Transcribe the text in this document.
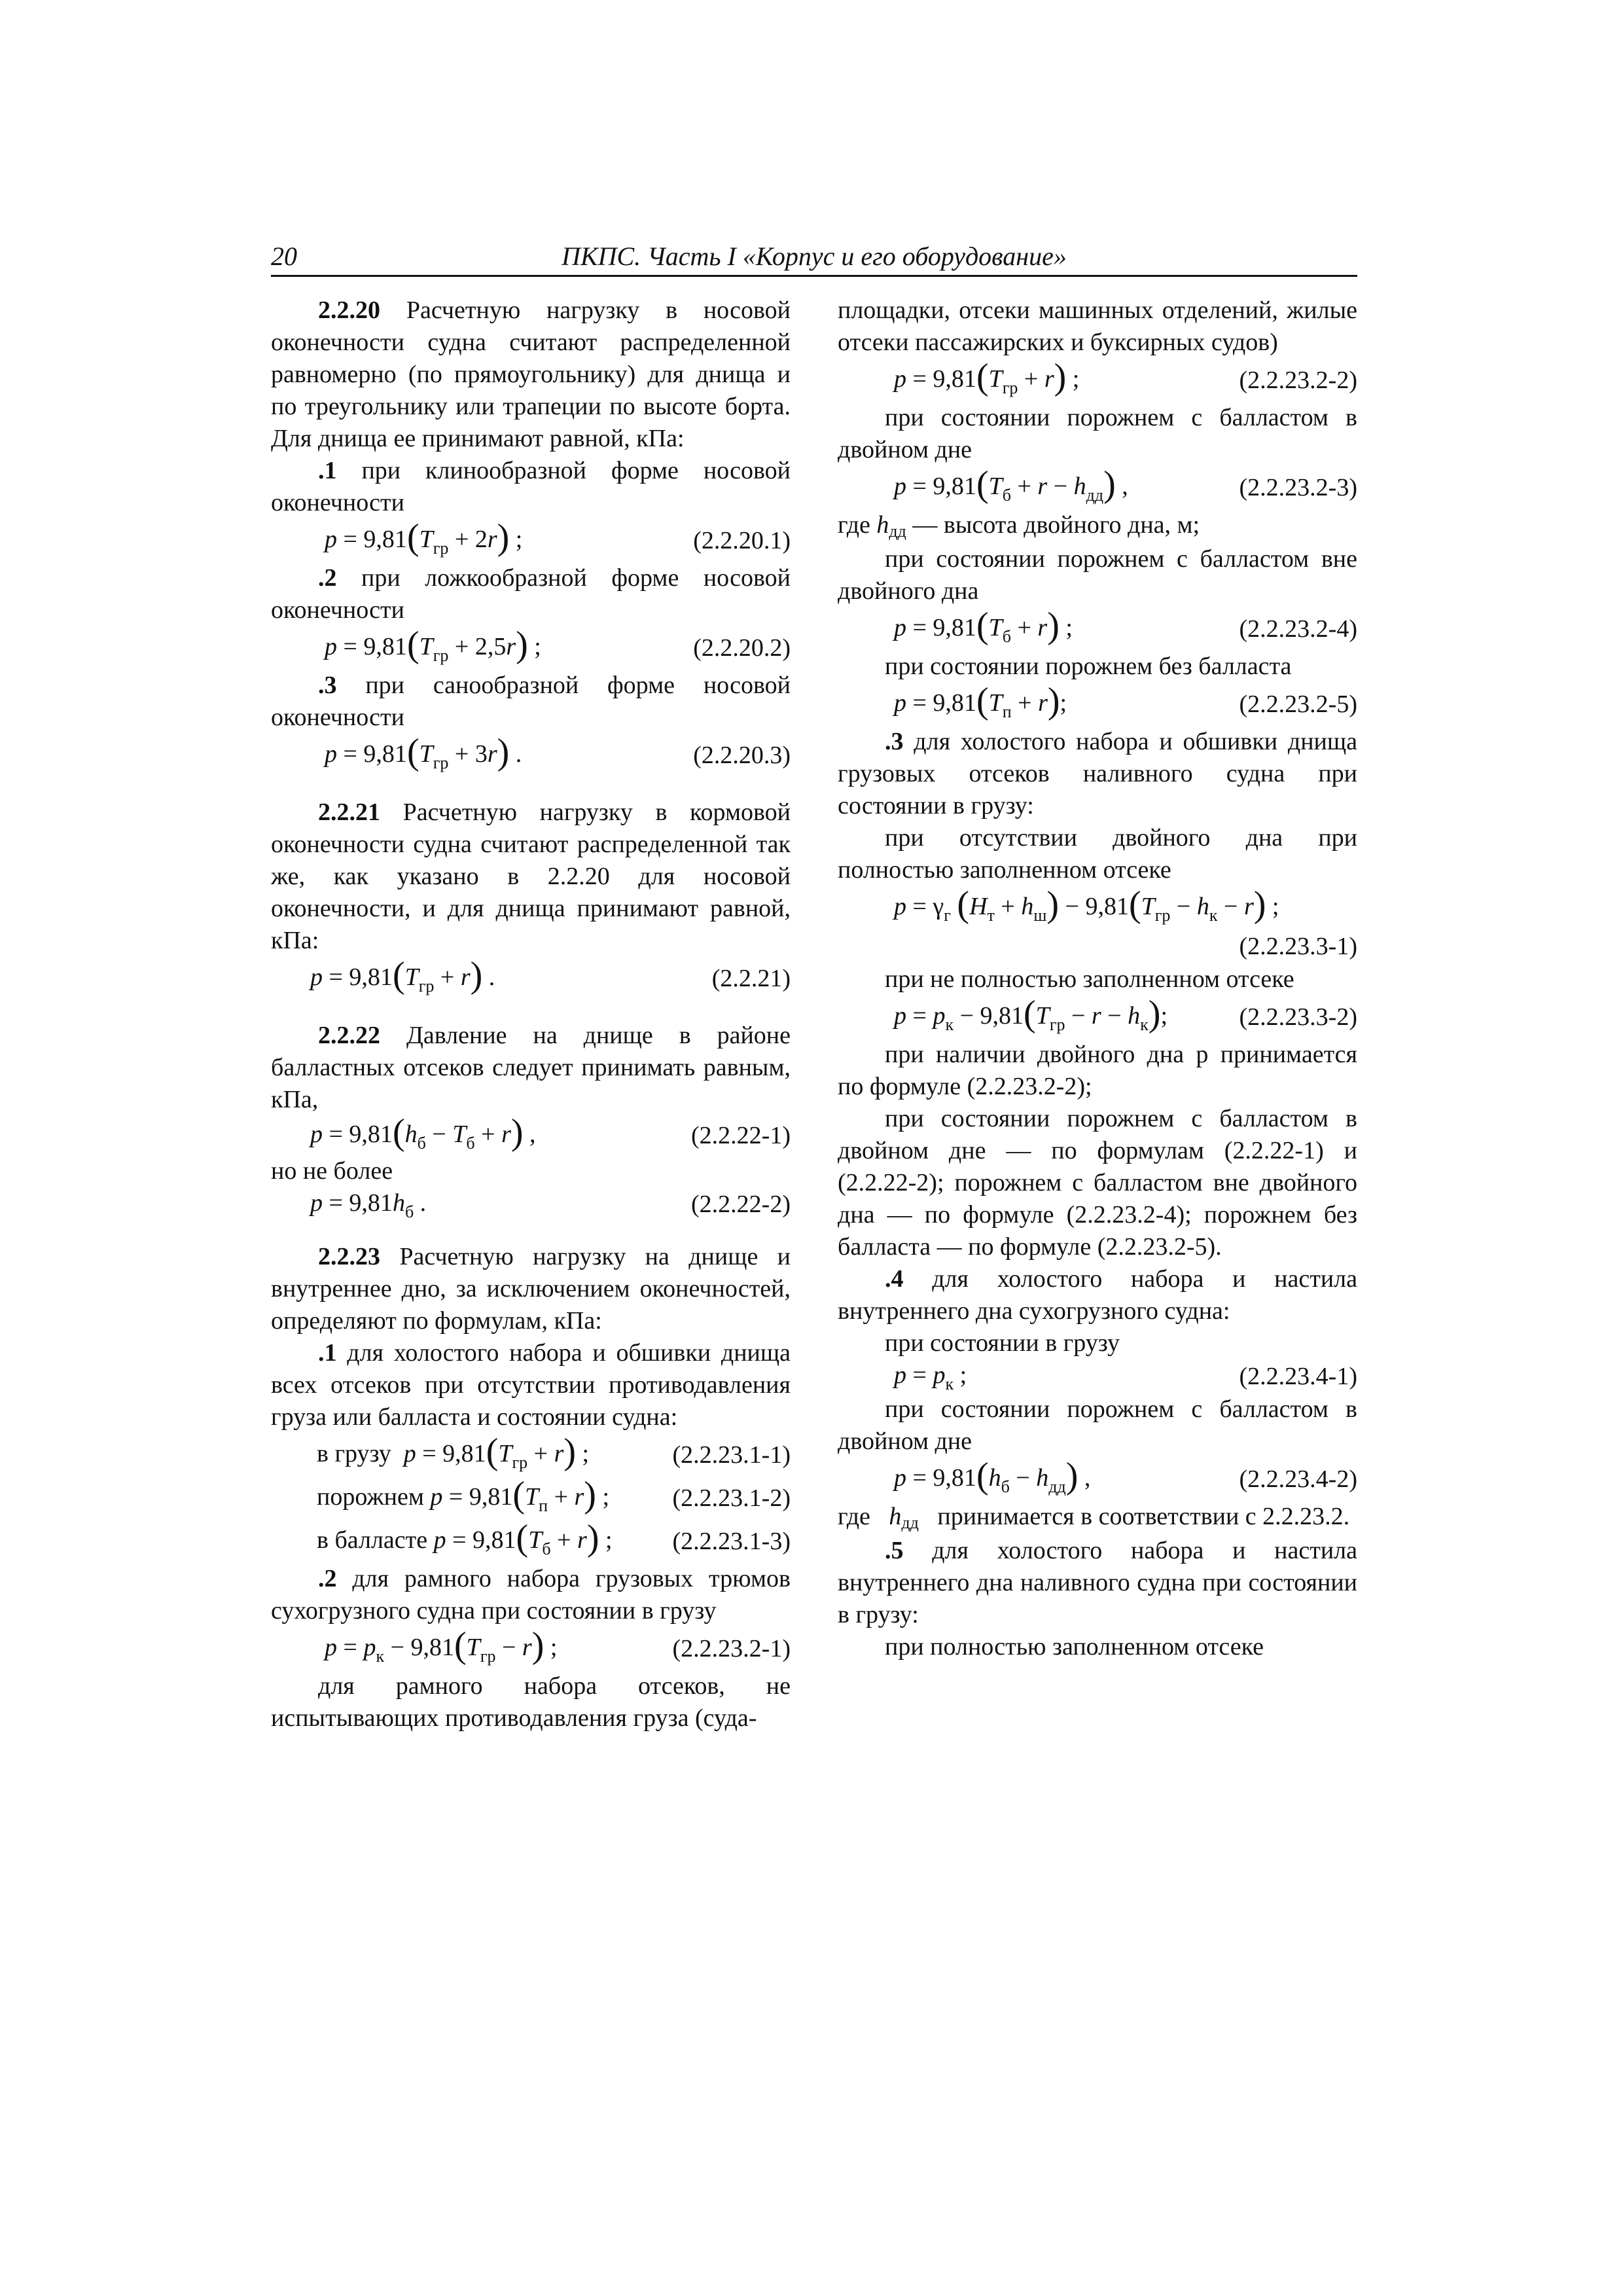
20	ПКПС. Часть I «Корпус и его оборудование»

2.2.20 Расчетную нагрузку в носовой оконечности судна считают распределенной равномерно (по прямоугольнику) для днища и по треугольнику или трапеции по высоте борта. Для днища ее принимают равной, кПа:

.1 при клинообразной форме носовой оконечности

$p = 9,81(T_{гр} + 2r)$ ;	(2.2.20.1)

.2 при ложкообразной форме носовой оконечности

$p = 9,81(T_{гр} + 2,5r)$ ;	(2.2.20.2)

.3 при санообразной форме носовой оконечности

$p = 9,81(T_{гр} + 3r)$ .	(2.2.20.3)

2.2.21 Расчетную нагрузку в кормовой оконечности судна считают распределенной так же, как указано в 2.2.20 для носовой оконечности, и для днища принимают равной, кПа:

$p = 9,81(T_{гр} + r)$ .	(2.2.21)

2.2.22 Давление на днище в районе балластных отсеков следует принимать равным, кПа,

$p = 9,81(h_б - T_б + r)$ ,	(2.2.22-1)

но не более

$p = 9,81h_б$ .	(2.2.22-2)

2.2.23 Расчетную нагрузку на днище и внутреннее дно, за исключением оконечностей, определяют по формулам, кПа:

.1 для холостого набора и обшивки днища всех отсеков при отсутствии противодавления груза или балласта и состоянии судна:

в грузу $p = 9,81(T_{гр} + r)$ ;	(2.2.23.1-1)
порожнем $p = 9,81(T_п + r)$ ;	(2.2.23.1-2)
в балласте $p = 9,81(T_б + r)$ ; (2.2.23.1-3)

.2 для рамного набора грузовых трюмов сухогрузного судна при состоянии в грузу

$p = p_к - 9,81(T_{гр} - r)$ ;	(2.2.23.2-1)

для рамного набора отсеков, не испытывающих противодавления груза (суда-

площадки, отсеки машинных отделений, жилые отсеки пассажирских и буксирных судов)

$p = 9,81(T_{гр} + r)$ ;	(2.2.23.2-2)

при состоянии порожнем с балластом в двойном дне

$p = 9,81(T_б + r - h_{дд})$ ,	(2.2.23.2-3)

где hдд — высота двойного дна, м;

при состоянии порожнем с балластом вне двойного дна

$p = 9,81(T_б + r)$ ;	(2.2.23.2-4)

при состоянии порожнем без балласта

$p = 9,81(T_п + r)$;	(2.2.23.2-5)

.3 для холостого набора и обшивки днища грузовых отсеков наливного судна при состоянии в грузу:

при отсутствии двойного дна при полностью заполненном отсеке

$p = \gamma_г$ $(H_т + h_ш) - 9,81(T_{гр} - h_к - r)$ ;
(2.2.23.3-1)

при не полностью заполненном отсеке

$p = p_к - 9,81(T_{гр} - r - h_к)$;	(2.2.23.3-2)

при наличии двойного дна p принимается по формуле (2.2.23.2-2);

при состоянии порожнем с балластом в двойном дне — по формулам (2.2.22-1) и (2.2.22-2); порожнем с балластом вне двойного дна — по формуле (2.2.23.2-4); порожнем без балласта — по формуле (2.2.23.2-5).

.4 для холостого набора и настила внутреннего дна сухогрузного судна:

при состоянии в грузу

$p = p_к$ ;	(2.2.23.4-1)

при состоянии порожнем с балластом в двойном дне

$p = 9,81(h_б - h_{дд})$ ,	(2.2.23.4-2)

где hдд принимается в соответствии с 2.2.23.2.

.5 для холостого набора и настила внутреннего дна наливного судна при состоянии в грузу:

при полностью заполненном отсеке
